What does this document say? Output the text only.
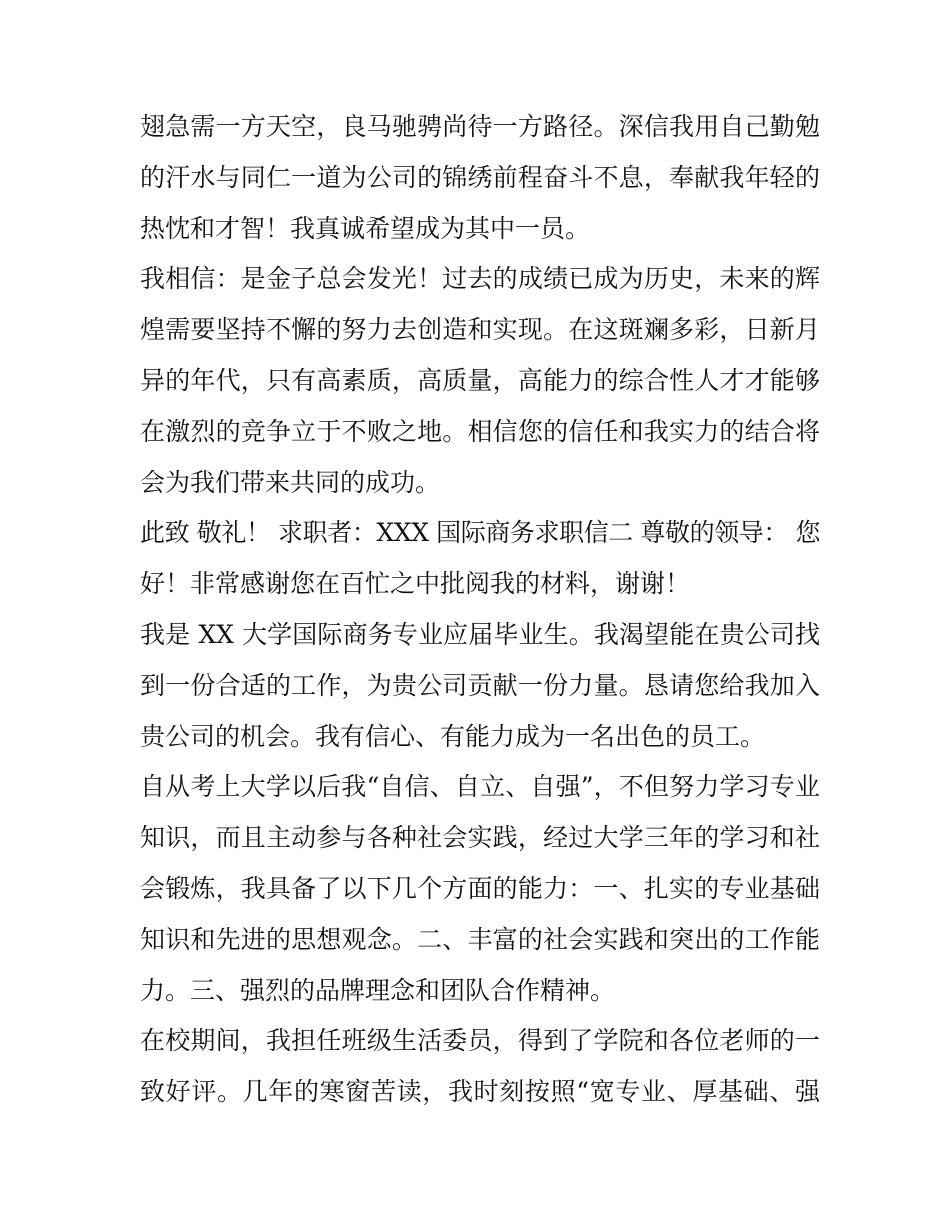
翅急需一方天空，良马驰骋尚待一方路径。深信我用自己勤勉
的汗水与同仁一道为公司的锦绣前程奋斗不息，奉献我年轻的
热忱和才智！我真诚希望成为其中一员。
我相信：是金子总会发光！过去的成绩已成为历史，未来的辉
煌需要坚持不懈的努力去创造和实现。在这斑斓多彩，日新月
异的年代，只有高素质，高质量，高能力的综合性人才才能够
在激烈的竞争立于不败之地。相信您的信任和我实力的结合将
会为我们带来共同的成功。
此致 敬礼！ 求职者：XXX 国际商务求职信二 尊敬的领导： 您
好！非常感谢您在百忙之中批阅我的材料，谢谢！
我是 XX 大学国际商务专业应届毕业生。我渴望能在贵公司找
到一份合适的工作，为贵公司贡献一份力量。恳请您给我加入
贵公司的机会。我有信心、有能力成为一名出色的员工。
自从考上大学以后我“自信、自立、自强”，不但努力学习专业
知识，而且主动参与各种社会实践，经过大学三年的学习和社
会锻炼，我具备了以下几个方面的能力：一、扎实的专业基础
知识和先进的思想观念。二、丰富的社会实践和突出的工作能
力。三、强烈的品牌理念和团队合作精神。
在校期间，我担任班级生活委员，得到了学院和各位老师的一
致好评。几年的寒窗苦读，我时刻按照“宽专业、厚基础、强
